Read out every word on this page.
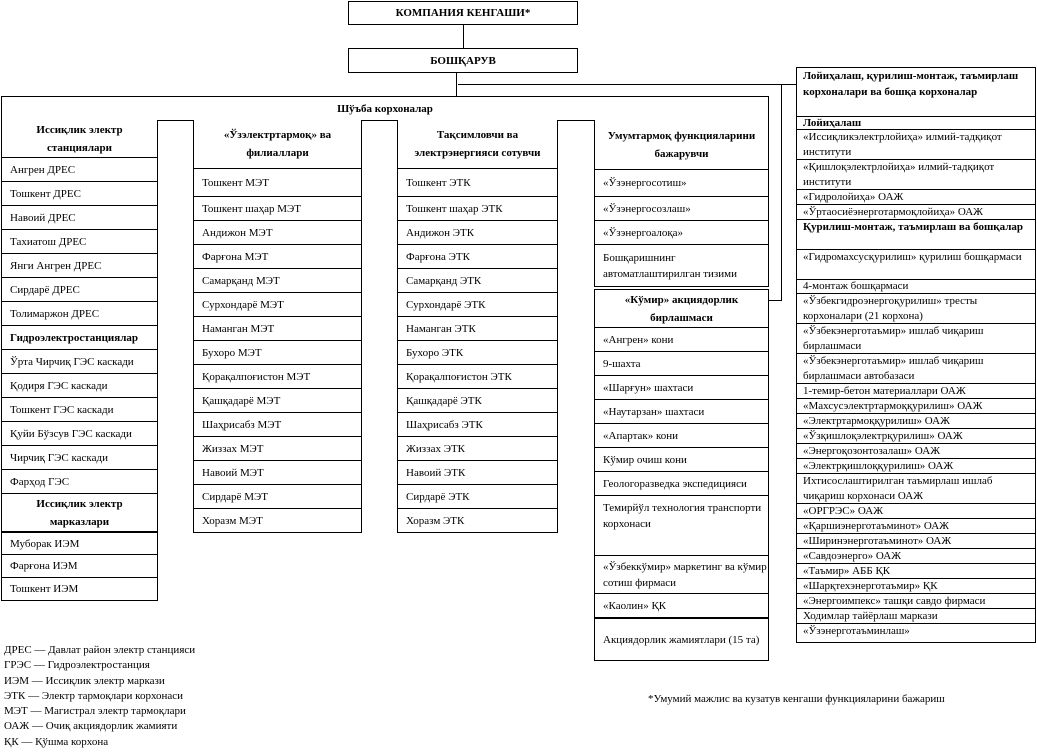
КОМПАНИЯ КЕНГАШИ*
БОШҚАРУВ
Шўъба корхоналар
Иссиқлик электр станциялари
Ангрен ДРЕС
Тошкент ДРЕС
Навоий ДРЕС
Тахиатош ДРЕС
Янги Ангрен ДРЕС
Сирдарё ДРЕС
Толимаржон ДРЕС
Гидроэлектростанциялар
Ўрта Чирчиқ ГЭС каскади
Қодиря ГЭС каскади
Тошкент ГЭС каскади
Қуйи Бўзсув ГЭС каскади
Чирчиқ ГЭС каскади
Фарҳод ГЭС
Иссиқлик электр марказлари
Муборак ИЭМ
Фарғона ИЭМ
Тошкент ИЭМ
«Ўзэлектртармоқ» ва филиаллари
Тошкент МЭТ
Тошкент шаҳар МЭТ
Андижон МЭТ
Фарғона МЭТ
Самарқанд МЭТ
Сурхондарё МЭТ
Наманган МЭТ
Бухоро МЭТ
Қорақалпоғистон МЭТ
Қашқадарё МЭТ
Шаҳрисабз МЭТ
Жиззах МЭТ
Навоий МЭТ
Сирдарё МЭТ
Хоразм МЭТ
Тақсимловчи ва электрэнергияси сотувчи
Тошкент ЭТК
Тошкент шаҳар ЭТК
Андижон ЭТК
Фарғона ЭТК
Самарқанд ЭТК
Сурхондарё ЭТК
Наманган ЭТК
Бухоро ЭТК
Қорақалпоғистон ЭТК
Қашқадарё ЭТК
Шаҳрисабз ЭТК
Жиззах ЭТК
Навоий ЭТК
Сирдарё ЭТК
Хоразм ЭТК
Умумтармоқ функцияларини бажарувчи
«Ўзэнергосотиш»
«Ўзэнергосозлаш»
«Ўзэнергоалоқа»
Бошқаришнинг автоматлаштирилган тизими
«Кўмир» акциядорлик бирлашмаси
«Ангрен» кони
9-шахта
«Шарғун» шахтаси
«Наутарзан» шахтаси
«Апартак» кони
Кўмир очиш кони
Геологоразведка экспедицияси
Темирйўл технология транспорти корхонаси
«Ўзбеккўмир» маркетинг ва кўмир сотиш фирмаси
«Каолин» ҚК
Акциядорлик жамиятлари (15 та)
Лойиҳалаш, қурилиш-монтаж, таъмирлаш корхоналари ва бошқа корхоналар
Лойиҳалаш
«Иссиқликэлектрлойиҳа» илмий-тадқиқот институти
«Қишлоқэлектрлойиҳа» илмий-тадқиқот институти
«Гидролойиҳа» ОАЖ
«Ўртаосиёэнерготармоқлойиҳа» ОАЖ
Қурилиш-монтаж, таъмирлаш ва бошқалар
«Гидромахсусқурилиш» қурилиш бошқармаси
4-монтаж бошқармаси
«Ўзбекгидроэнергоқурилиш» тресты корхоналари (21 корхона)
«Ўзбекэнерготаъмир» ишлаб чиқариш бирлашмаси
«Ўзбекэнерготаъмир» ишлаб чиқариш бирлашмаси автобазаси
1-темир-бетон материаллари ОАЖ
«Махсусэлектртармоққурилиш» ОАЖ
«Электртармоққурилиш» ОАЖ
«Ўзқишлоқэлектрқурилиш» ОАЖ
«Энергоқозонтозалаш» ОАЖ
«Электрқишлоққурилиш» ОАЖ
Ихтисослаштирилган таъмирлаш ишлаб чиқариш корхонаси ОАЖ
«ОРГРЭС» ОАЖ
«Қаршиэнерготаъминот» ОАЖ
«Ширинэнерготаъминот» ОАЖ
«Савдоэнерго» ОАЖ
«Таъмир» АББ ҚК
«Шарқтехэнерготаъмир» ҚК
«Энергоимпекс» ташқи савдо фирмаси
Ходимлар тайёрлаш маркази
«Ўзэнерготаъминлаш»
ДРЕС — Давлат район электр станцияси
ГРЭС — Гидроэлектростанция
ИЭМ — Иссиқлик электр маркази
ЭТК — Электр тармоқлари корхонаси
МЭТ — Магистрал электр тармоқлари
ОАЖ — Очиқ акциядорлик жамияти
ҚК — Қўшма корхона
*Умумий мажлис ва кузатув кенгаши функцияларини бажариш
